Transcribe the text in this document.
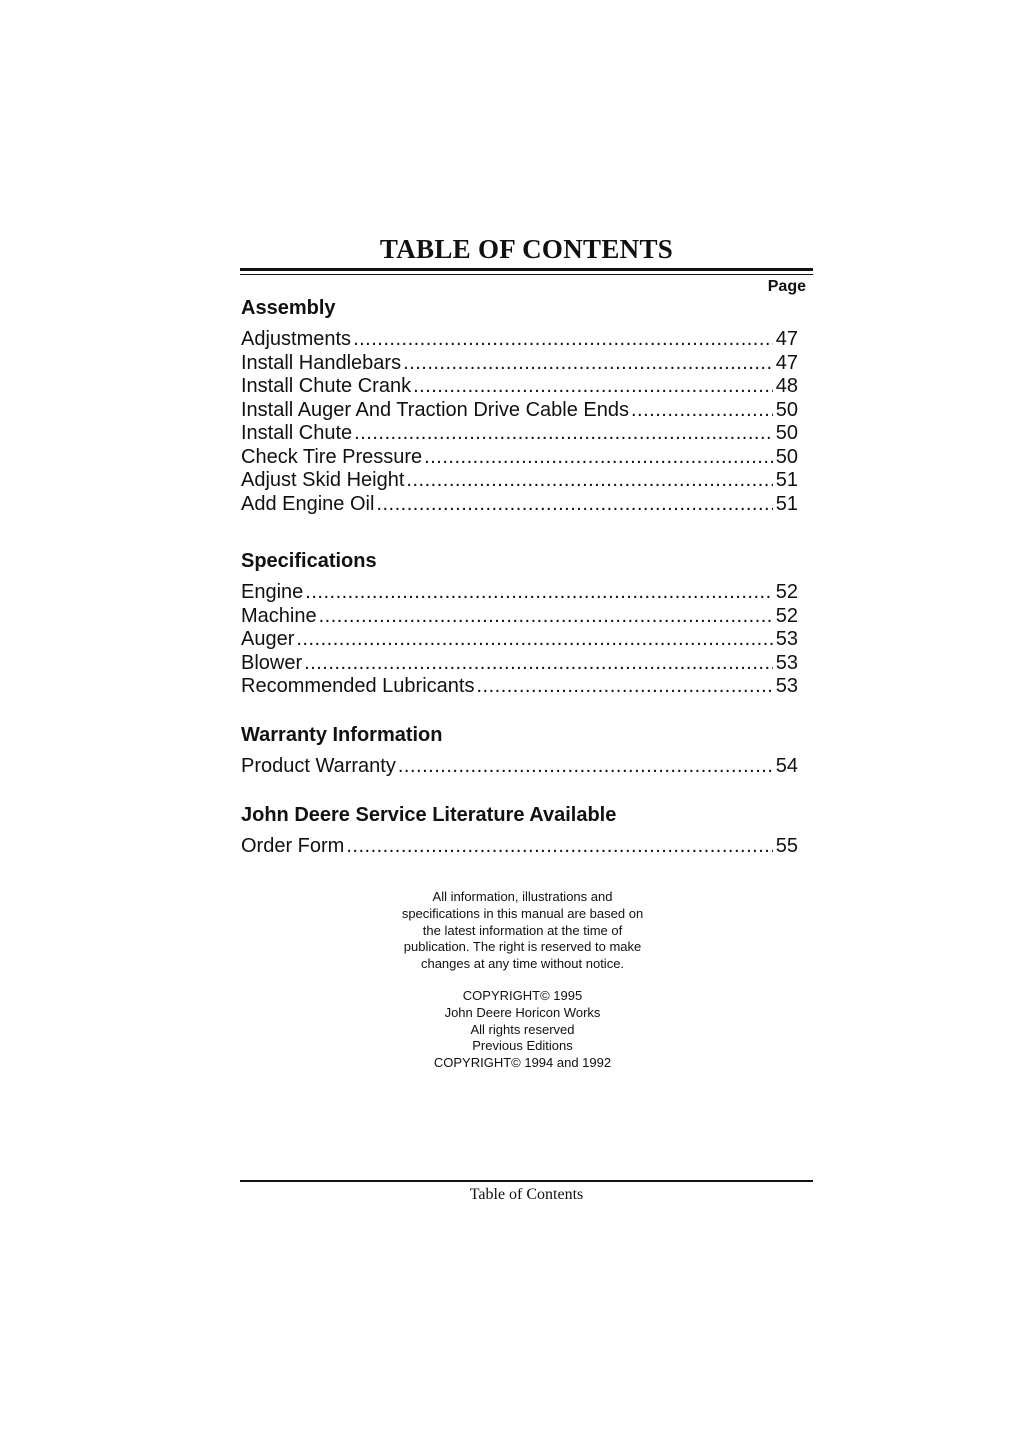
TABLE OF CONTENTS
Page
Assembly
Adjustments .....	47
Install Handlebars .....	47
Install Chute Crank .....	48
Install Auger And Traction Drive Cable Ends .....	50
Install Chute .....	50
Check Tire Pressure .....	50
Adjust Skid Height .....	51
Add Engine Oil .....	51
Specifications
Engine .....	52
Machine .....	52
Auger .....	53
Blower .....	53
Recommended Lubricants .....	53
Warranty Information
Product Warranty .....	54
John Deere Service Literature Available
Order Form .....	55
All information, illustrations and
specifications in this manual are based on
the latest information at the time of
publication. The right is reserved to make
changes at any time without notice.
COPYRIGHT© 1995
John Deere Horicon Works
All rights reserved
Previous Editions
COPYRIGHT© 1994 and 1992
Table of Contents
